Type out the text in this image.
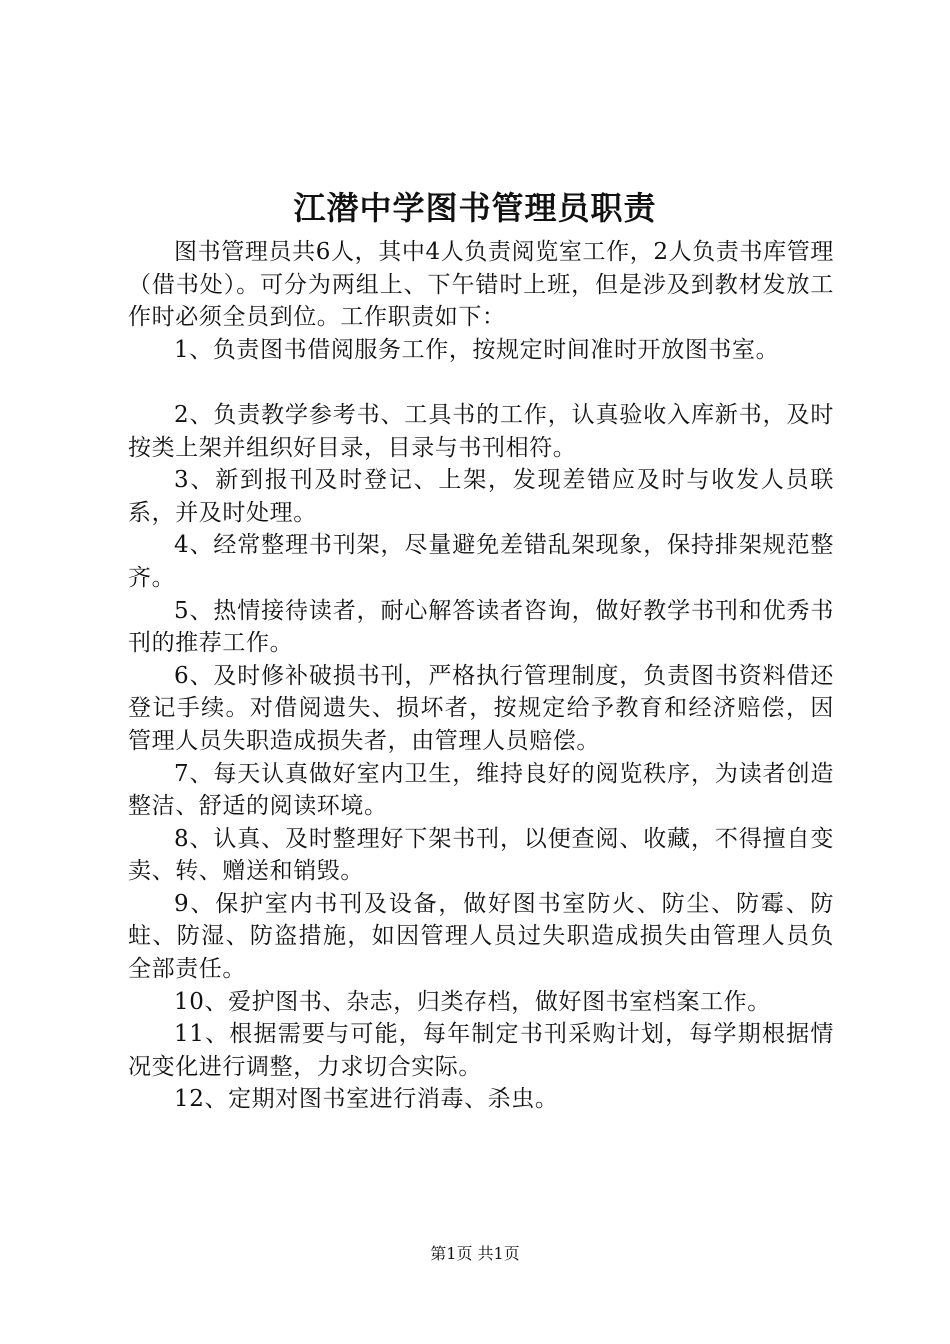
江潜中学图书管理员职责

图书管理员共6人，其中4人负责阅览室工作，2人负责书库管理（借书处）。可分为两组上、下午错时上班，但是涉及到教材发放工作时必须全员到位。工作职责如下：

1、负责图书借阅服务工作，按规定时间准时开放图书室。

2、负责教学参考书、工具书的工作，认真验收入库新书，及时按类上架并组织好目录，目录与书刊相符。

3、新到报刊及时登记、上架，发现差错应及时与收发人员联系，并及时处理。

4、经常整理书刊架，尽量避免差错乱架现象，保持排架规范整齐。

5、热情接待读者，耐心解答读者咨询，做好教学书刊和优秀书刊的推荐工作。

6、及时修补破损书刊，严格执行管理制度，负责图书资料借还登记手续。对借阅遗失、损坏者，按规定给予教育和经济赔偿，因管理人员失职造成损失者，由管理人员赔偿。

7、每天认真做好室内卫生，维持良好的阅览秩序，为读者创造整洁、舒适的阅读环境。

8、认真、及时整理好下架书刊，以便查阅、收藏，不得擅自变卖、转、赠送和销毁。

9、保护室内书刊及设备，做好图书室防火、防尘、防霉、防蛀、防湿、防盗措施，如因管理人员过失职造成损失由管理人员负全部责任。

10、爱护图书、杂志，归类存档，做好图书室档案工作。

11、根据需要与可能，每年制定书刊采购计划，每学期根据情况变化进行调整，力求切合实际。

12、定期对图书室进行消毒、杀虫。

第1页 共1页
